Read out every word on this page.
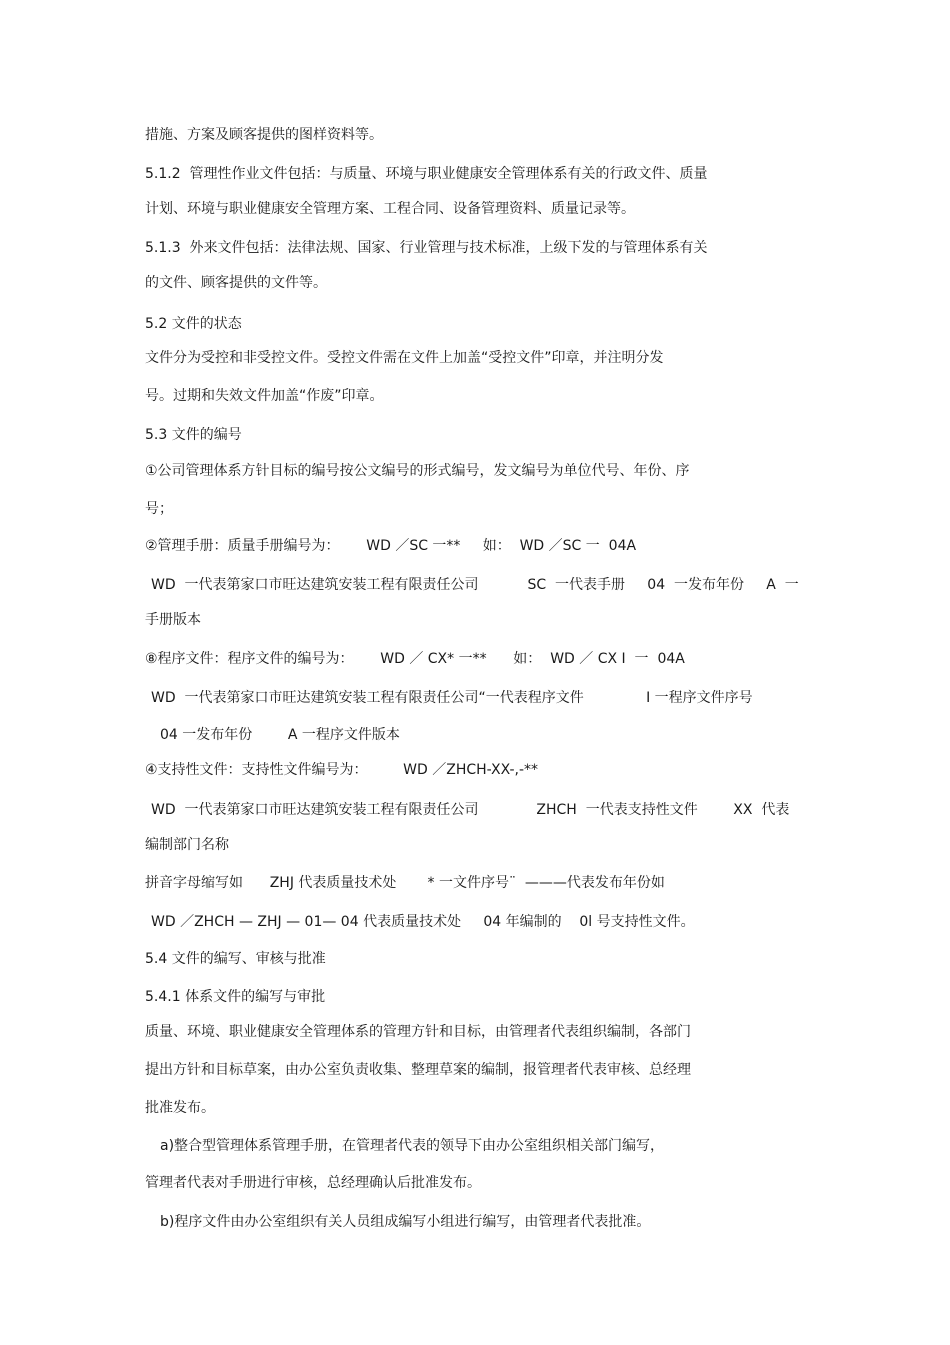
措施、方案及顾客提供的图样资料等。
5.1.2  管理性作业文件包括：与质量、环境与职业健康安全管理体系有关的行政文件、质量
计划、环境与职业健康安全管理方案、工程合同、设备管理资料、质量记录等。
5.1.3  外来文件包括：法律法规、国家、行业管理与技术标准，上级下发的与管理体系有关
的文件、顾客提供的文件等。
5.2 文件的状态
文件分为受控和非受控文件。受控文件需在文件上加盖“受控文件”印章，并注明分发
号。过期和失效文件加盖“作废”印章。
5.3 文件的编号
①公司管理体系方针目标的编号按公文编号的形式编号，发文编号为单位代号、年份、序
号；
②管理手册：质量手册编号为：      WD ／SC 一**     如：  WD ／SC 一  04A
WD  一代表第家口市旺达建筑安装工程有限责任公司           SC  一代表手册     04  一发布年份     A  一
手册版本
⑧程序文件：程序文件的编号为：      WD ／ CX* 一**      如：  WD ／ CX I  一  04A
WD  一代表第家口市旺达建筑安装工程有限责任公司“一代表程序文件              I 一程序文件序号
04 一发布年份        A 一程序文件版本
④支持性文件：支持性文件编号为：        WD ／ZHCH-XX-,-**
WD  一代表第家口市旺达建筑安装工程有限责任公司             ZHCH  一代表支持性文件        XX  代表
编制部门名称
拼音字母缩写如      ZHJ 代表质量技术处       * 一文件序号¨  ———代表发布年份如
WD ／ZHCH — ZHJ — 01— 04 代表质量技术处     04 年编制的    0l 号支持性文件。
5.4 文件的编写、审核与批准
5.4.1 体系文件的编写与审批
质量、环境、职业健康安全管理体系的管理方针和目标，由管理者代表组织编制，各部门
提出方针和目标草案，由办公室负责收集、整理草案的编制，报管理者代表审核、总经理
批准发布。
a)整合型管理体系管理手册，在管理者代表的领导下由办公室组织相关部门编写，
管理者代表对手册进行审核，总经理确认后批准发布。
b)程序文件由办公室组织有关人员组成编写小组进行编写，由管理者代表批准。
